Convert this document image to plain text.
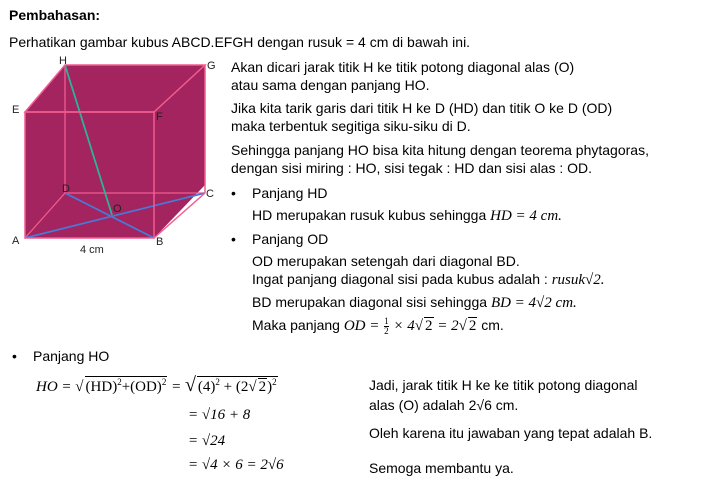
Pembahasan:
Perhatikan gambar kubus ABCD.EFGH dengan rusuk = 4 cm di bawah ini.
H	G
E
F
D	C
O
A	B
4 cm
Akan dicari jarak titik H ke titik potong diagonal alas (O)
atau sama dengan panjang HO.
Jika kita tarik garis dari titik H ke D (HD) dan titik O ke D (OD)
maka terbentuk segitiga siku-siku di D.
Sehingga panjang HO bisa kita hitung dengan teorema phytagoras,
dengan sisi miring : HO, sisi tegak : HD dan sisi alas : OD.
• Panjang HD
HD merupakan rusuk kubus sehingga HD = 4 cm.
• Panjang OD
OD merupakan setengah dari diagonal BD.
Ingat panjang diagonal sisi pada kubus adalah : rusuk√2.
BD merupakan diagonal sisi sehingga BD = 4√2 cm.
Maka panjang OD = $\frac{1}{2} \times 4√$ 2 = 2√ 2 cm.
• Panjang HO
HO = √ (HD)$^2$+(OD)$^2$ = √ $(4)^2 + (2√$ 2)$^2$
= √16 + 8
= √24
= √4 × 6 = 2√6
Jadi, jarak titik H ke ke titik potong diagonal
alas (O) adalah 2√6 cm.
Oleh karena itu jawaban yang tepat adalah B.
Semoga membantu ya.
